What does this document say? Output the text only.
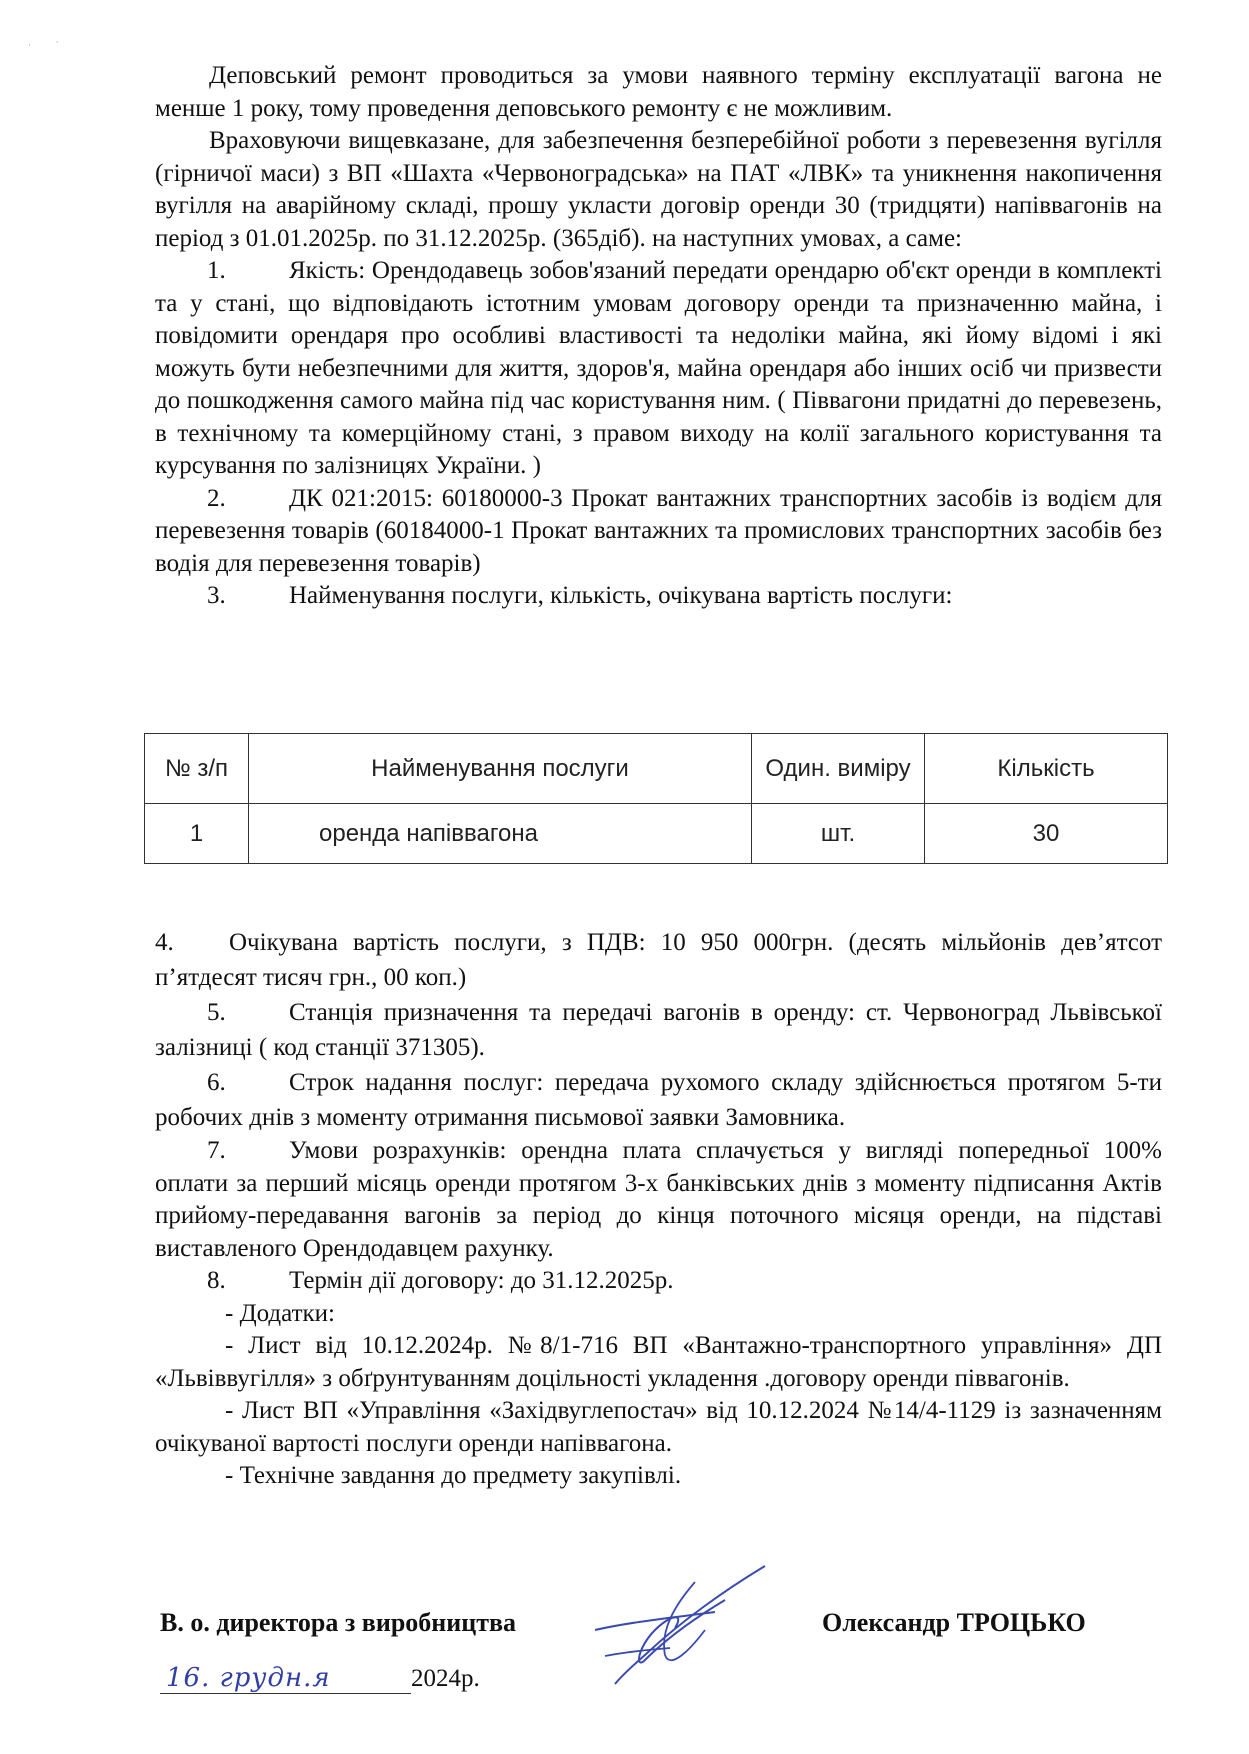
·           `

Деповський ремонт проводиться за умови наявного терміну експлуатації вагона не менше 1 року, тому проведення деповського ремонту є не можливим.

Враховуючи вищевказане, для забезпечення безперебійної роботи з перевезення вугілля (гірничої маси) з ВП «Шахта «Червоноградська» на ПАТ «ЛВК» та уникнення накопичення вугілля на аварійному складі, прошу укласти договір оренди 30 (тридцяти) напіввагонів на період з 01.01.2025р. по 31.12.2025р. (365діб). на наступних умовах, а саме:

1.	Якість: Орендодавець зобов'язаний передати орендарю об'єкт оренди в комплекті та у стані, що відповідають істотним умовам договору оренди та призначенню майна, і повідомити орендаря про особливі властивості та недоліки майна, які йому відомі і які можуть бути небезпечними для життя, здоров'я, майна орендаря або інших осіб чи призвести до пошкодження самого майна під час користування ним. ( Піввагони придатні до перевезень, в технічному та комерційному стані, з правом виходу на колії загального користування та курсування по залізницях України. )

2.	ДК 021:2015: 60180000-3 Прокат вантажних транспортних засобів із водієм для перевезення товарів (60184000-1 Прокат вантажних та промислових транспортних засобів без водія для перевезення товарів)

3.	Найменування послуги, кількість, очікувана вартість послуги:

№ з/п	Найменування послуги	Один. виміру	Кількість
1	оренда напіввагона	шт.	30

4. Очікувана вартість послуги, з ПДВ: 10 950 000грн. (десять мільйонів дев’ятсот п’ятдесят тисяч грн., 00 коп.)

5.	Станція призначення та передачі вагонів в оренду: ст. Червоноград Львівської залізниці ( код станції 371305).

6.	Строк надання послуг: передача рухомого складу здійснюється протягом 5-ти робочих днів з моменту отримання письмової заявки Замовника.

7.	Умови розрахунків: орендна плата сплачується у вигляді попередньої 100% оплати за перший місяць оренди протягом 3-х банківських днів з моменту підписання Актів прийому-передавання вагонів за період до кінця поточного місяця оренди, на підставі виставленого Орендодавцем рахунку.

8.	Термін дії договору: до 31.12.2025р.

- Додатки:

- Лист від 10.12.2024р. №8/1-716 ВП «Вантажно-транспортного управління» ДП «Львіввугілля» з обґрунтуванням доцільності укладення .договору оренди піввагонів.

- Лист ВП «Управління «Західвуглепостач» від 10.12.2024 №14/4-1129 із зазначенням очікуваної вартості послуги оренди напіввагона.

- Технічне завдання до предмету закупівлі.

В. о. директора з виробництва	Олександр ТРОЦЬКО
16. грудн.я	2024р.
